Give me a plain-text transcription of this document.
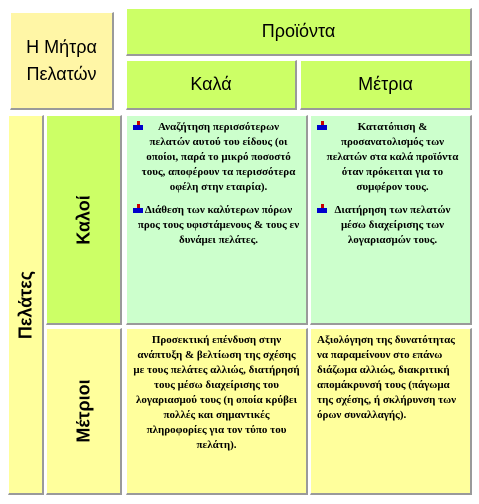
Η Μήτρα Πελατών
Προϊόντα
Καλά	Μέτρια
Πελάτες
Καλοί
Μέτριοι
Αναζήτηση περισσότερων πελατών αυτού του είδους (οι οποίοι, παρά το μικρό ποσοστό τους, αποφέρουν τα περισσότερα οφέλη στην εταιρία).
Διάθεση των καλύτερων πόρων προς τους υφιστάμενους & τους εν δυνάμει πελάτες.
Κατατόπιση & προσανατολισμός των πελατών στα καλά προϊόντα όταν πρόκειται για το συμφέρον τους.
Διατήρηση των πελατών μέσω διαχείρισης των λογαριασμών τους.
Προσεκτική επένδυση στην ανάπτυξη & βελτίωση της σχέσης με τους πελάτες αλλιώς, διατήρησή τους μέσω διαχείρισης του λογαριασμού τους (η οποία κρύβει πολλές και σημαντικές πληροφορίες για τον τύπο του πελάτη).
Αξιολόγηση της δυνατότητας να παραμείνουν στο επάνω διάζωμα αλλιώς, διακριτική απομάκρυνσή τους (πάγωμα της σχέσης, ή σκλήρυνση των όρων συναλλαγής).
